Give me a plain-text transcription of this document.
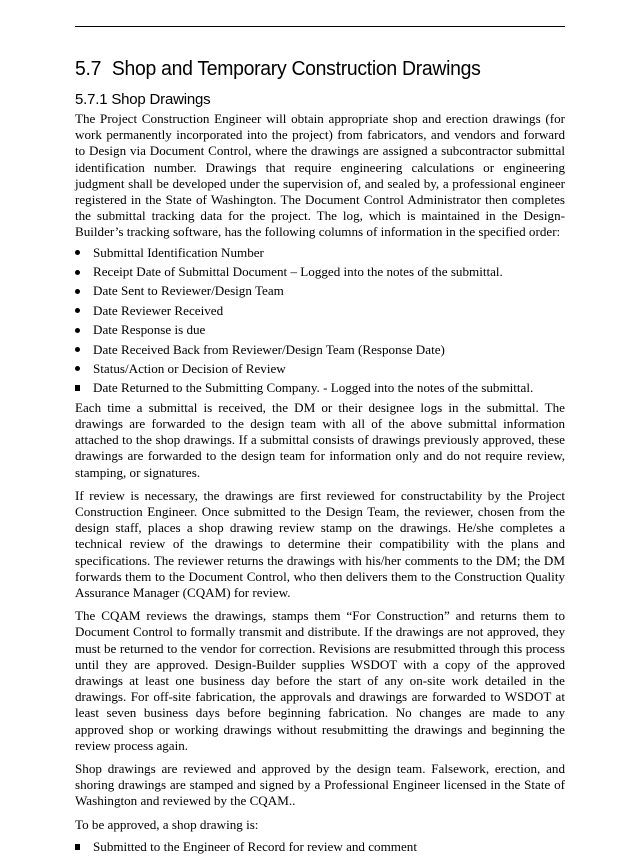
5.7 Shop and Temporary Construction Drawings
5.7.1 Shop Drawings

The Project Construction Engineer will obtain appropriate shop and erection drawings (for work permanently incorporated into the project) from fabricators, and vendors and forward to Design via Document Control, where the drawings are assigned a subcontractor submittal identification number. Drawings that require engineering calculations or engineering judgment shall be developed under the supervision of, and sealed by, a professional engineer registered in the State of Washington. The Document Control Administrator then completes the submittal tracking data for the project. The log, which is maintained in the Design-Builder’s tracking software, has the following columns of information in the specified order:

Submittal Identification Number
Receipt Date of Submittal Document – Logged into the notes of the submittal.
Date Sent to Reviewer/Design Team
Date Reviewer Received
Date Response is due
Date Received Back from Reviewer/Design Team (Response Date)
Status/Action or Decision of Review
Date Returned to the Submitting Company. - Logged into the notes of the submittal.

Each time a submittal is received, the DM or their designee logs in the submittal. The drawings are forwarded to the design team with all of the above submittal information attached to the shop drawings. If a submittal consists of drawings previously approved, these drawings are forwarded to the design team for information only and do not require review, stamping, or signatures.

If review is necessary, the drawings are first reviewed for constructability by the Project Construction Engineer. Once submitted to the Design Team, the reviewer, chosen from the design staff, places a shop drawing review stamp on the drawings. He/she completes a technical review of the drawings to determine their compatibility with the plans and specifications. The reviewer returns the drawings with his/her comments to the DM; the DM forwards them to the Document Control, who then delivers them to the Construction Quality Assurance Manager (CQAM) for review.

The CQAM reviews the drawings, stamps them “For Construction” and returns them to Document Control to formally transmit and distribute. If the drawings are not approved, they must be returned to the vendor for correction. Revisions are resubmitted through this process until they are approved. Design-Builder supplies WSDOT with a copy of the approved drawings at least one business day before the start of any on-site work detailed in the drawings. For off-site fabrication, the approvals and drawings are forwarded to WSDOT at least seven business days before beginning fabrication. No changes are made to any approved shop or working drawings without resubmitting the drawings and beginning the review process again.

Shop drawings are reviewed and approved by the design team. Falsework, erection, and shoring drawings are stamped and signed by a Professional Engineer licensed in the State of Washington and reviewed by the CQAM..

To be approved, a shop drawing is:

Submitted to the Engineer of Record for review and comment
